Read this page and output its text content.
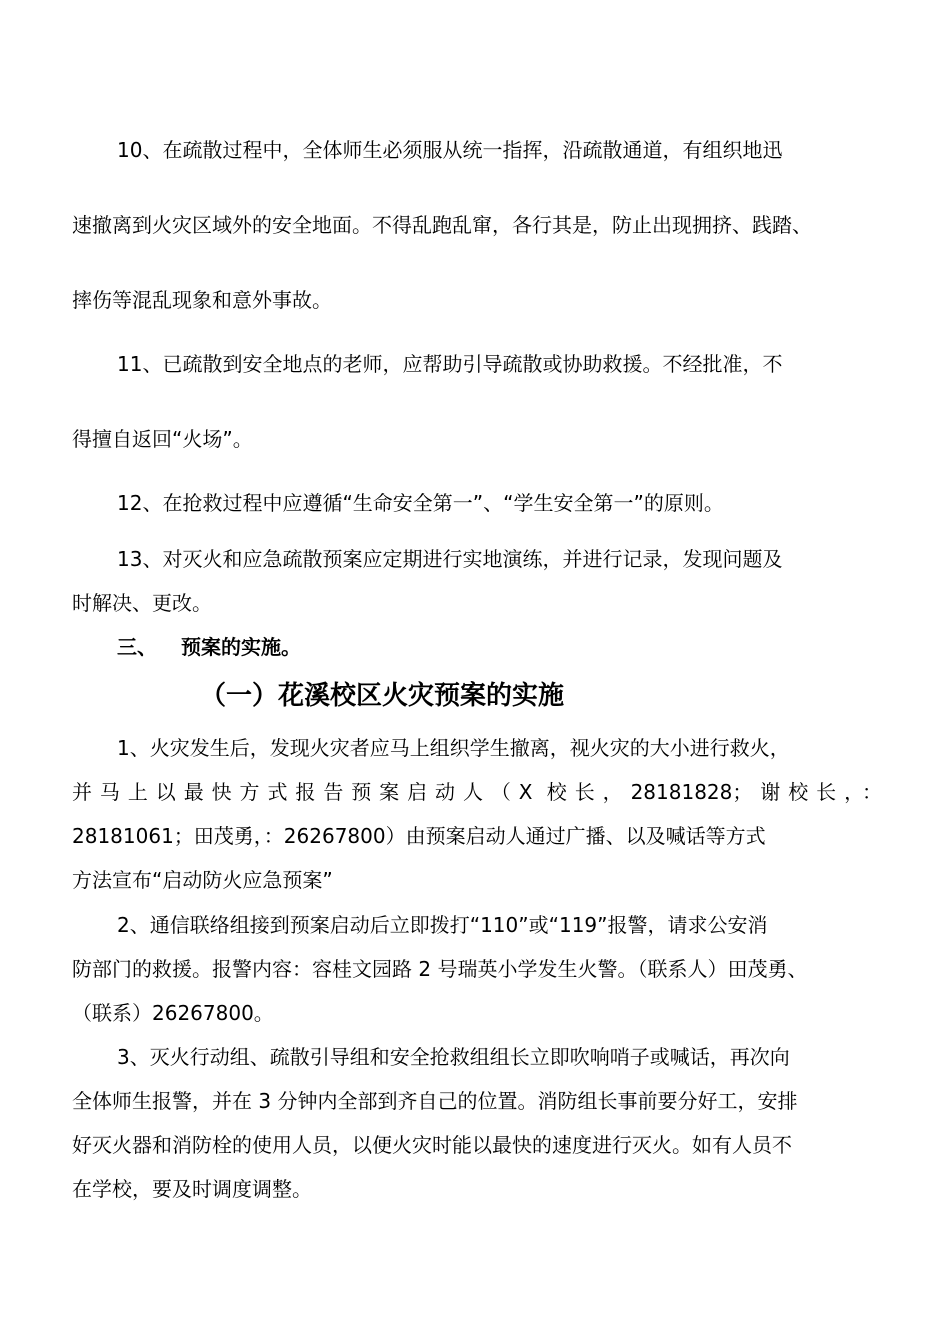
10、在疏散过程中，全体师生必须服从统一指挥，沿疏散通道，有组织地迅
速撤离到火灾区域外的安全地面。不得乱跑乱窜，各行其是，防止出现拥挤、践踏、
摔伤等混乱现象和意外事故。
11、已疏散到安全地点的老师，应帮助引导疏散或协助救援。不经批准，不
得擅自返回“火场”。
12、在抢救过程中应遵循“生命安全第一”、“学生安全第一”的原则。
13、对灭火和应急疏散预案应定期进行实地演练，并进行记录，发现问题及
时解决、更改。
三、 预案的实施。
（一）花溪校区火灾预案的实施
1、火灾发生后，发现火灾者应马上组织学生撤离，视火灾的大小进行救火，
并马上以最快方式报告预案启动人（X 校长，28181828；谢校长，：
28181061；田茂勇，：26267800）由预案启动人通过广播、以及喊话等方式
方法宣布“启动防火应急预案”
2、通信联络组接到预案启动后立即拨打“110”或“119”报警，请求公安消
防部门的救援。报警内容：容桂文园路 2 号瑞英小学发生火警。（联系人）田茂勇、
（联系）26267800。
3、灭火行动组、疏散引导组和安全抢救组组长立即吹响哨子或喊话，再次向
全体师生报警，并在 3 分钟内全部到齐自己的位置。消防组长事前要分好工，安排
好灭火器和消防栓的使用人员，以便火灾时能以最快的速度进行灭火。如有人员不
在学校，要及时调度调整。
